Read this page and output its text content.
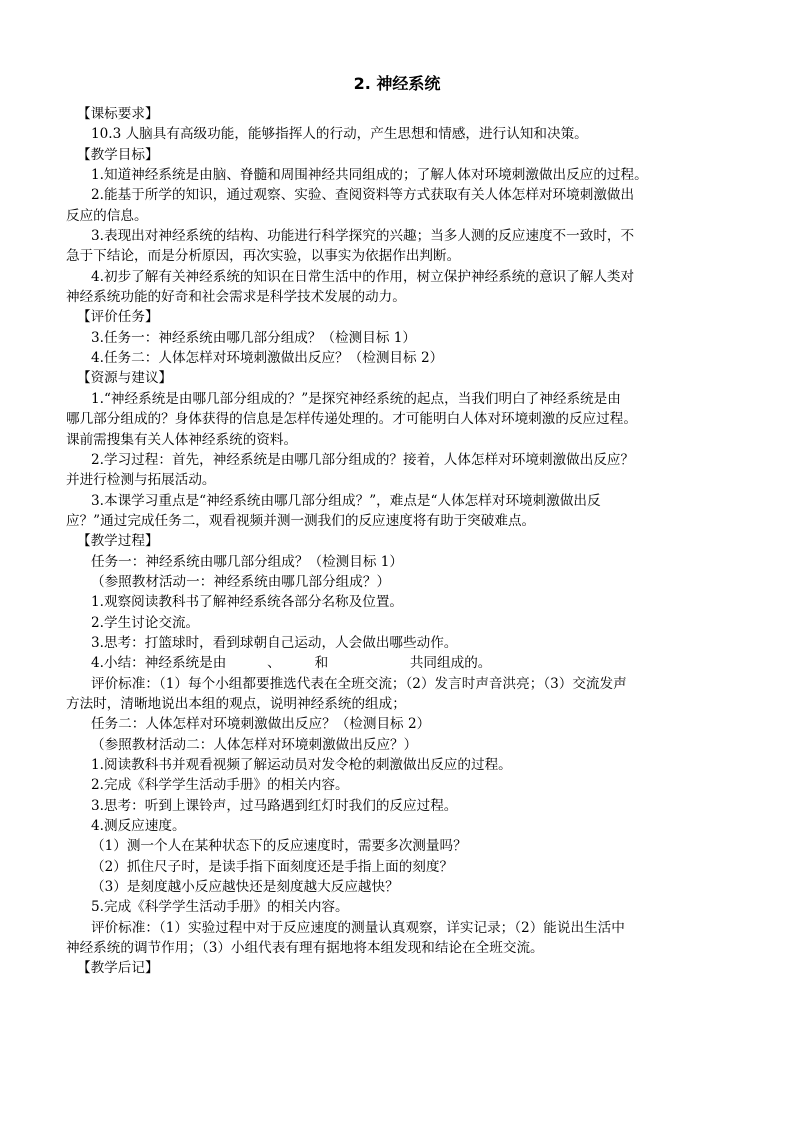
2. 神经系统
【课标要求】
10.3 人脑具有高级功能，能够指挥人的行动，产生思想和情感，进行认知和决策。
【教学目标】
1.知道神经系统是由脑、脊髓和周围神经共同组成的；了解人体对环境刺激做出反应的过程。
2.能基于所学的知识，通过观察、实验、查阅资料等方式获取有关人体怎样对环境刺激做出
反应的信息。
3.表现出对神经系统的结构、功能进行科学探究的兴趣；当多人测的反应速度不一致时，不
急于下结论，而是分析原因，再次实验，以事实为依据作出判断。
4.初步了解有关神经系统的知识在日常生活中的作用，树立保护神经系统的意识了解人类对
神经系统功能的好奇和社会需求是科学技术发展的动力。
【评价任务】
3.任务一：神经系统由哪几部分组成？（检测目标 1）
4.任务二：人体怎样对环境刺激做出反应？（检测目标 2）
【资源与建议】
1.“神经系统是由哪几部分组成的？”是探究神经系统的起点，当我们明白了神经系统是由
哪几部分组成的？身体获得的信息是怎样传递处理的。才可能明白人体对环境刺激的反应过程。
课前需搜集有关人体神经系统的资料。
2.学习过程：首先，神经系统是由哪几部分组成的？接着，人体怎样对环境刺激做出反应？
并进行检测与拓展活动。
3.本课学习重点是“神经系统由哪几部分组成？”，难点是“人体怎样对环境刺激做出反
应？”通过完成任务二，观看视频并测一测我们的反应速度将有助于突破难点。
【教学过程】
任务一：神经系统由哪几部分组成？（检测目标 1）
（参照教材活动一：神经系统由哪几部分组成？）
1.观察阅读教科书了解神经系统各部分名称及位置。
2.学生讨论交流。
3.思考：打篮球时，看到球朝自己运动，人会做出哪些动作。
4.小结：神经系统是由　　　、　　　和　　　　　　共同组成的。
评价标准：（1）每个小组都要推选代表在全班交流；（2）发言时声音洪亮；（3）交流发声
方法时，清晰地说出本组的观点，说明神经系统的组成；
任务二：人体怎样对环境刺激做出反应？（检测目标 2）
（参照教材活动二：人体怎样对环境刺激做出反应？）
1.阅读教科书并观看视频了解运动员对发令枪的刺激做出反应的过程。
2.完成《科学学生活动手册》的相关内容。
3.思考：听到上课铃声，过马路遇到红灯时我们的反应过程。
4.测反应速度。
（1）测一个人在某种状态下的反应速度时，需要多次测量吗？
（2）抓住尺子时，是读手指下面刻度还是手指上面的刻度？
（3）是刻度越小反应越快还是刻度越大反应越快？
5.完成《科学学生活动手册》的相关内容。
评价标准：（1）实验过程中对于反应速度的测量认真观察，详实记录；（2）能说出生活中
神经系统的调节作用；（3）小组代表有理有据地将本组发现和结论在全班交流。
【教学后记】
